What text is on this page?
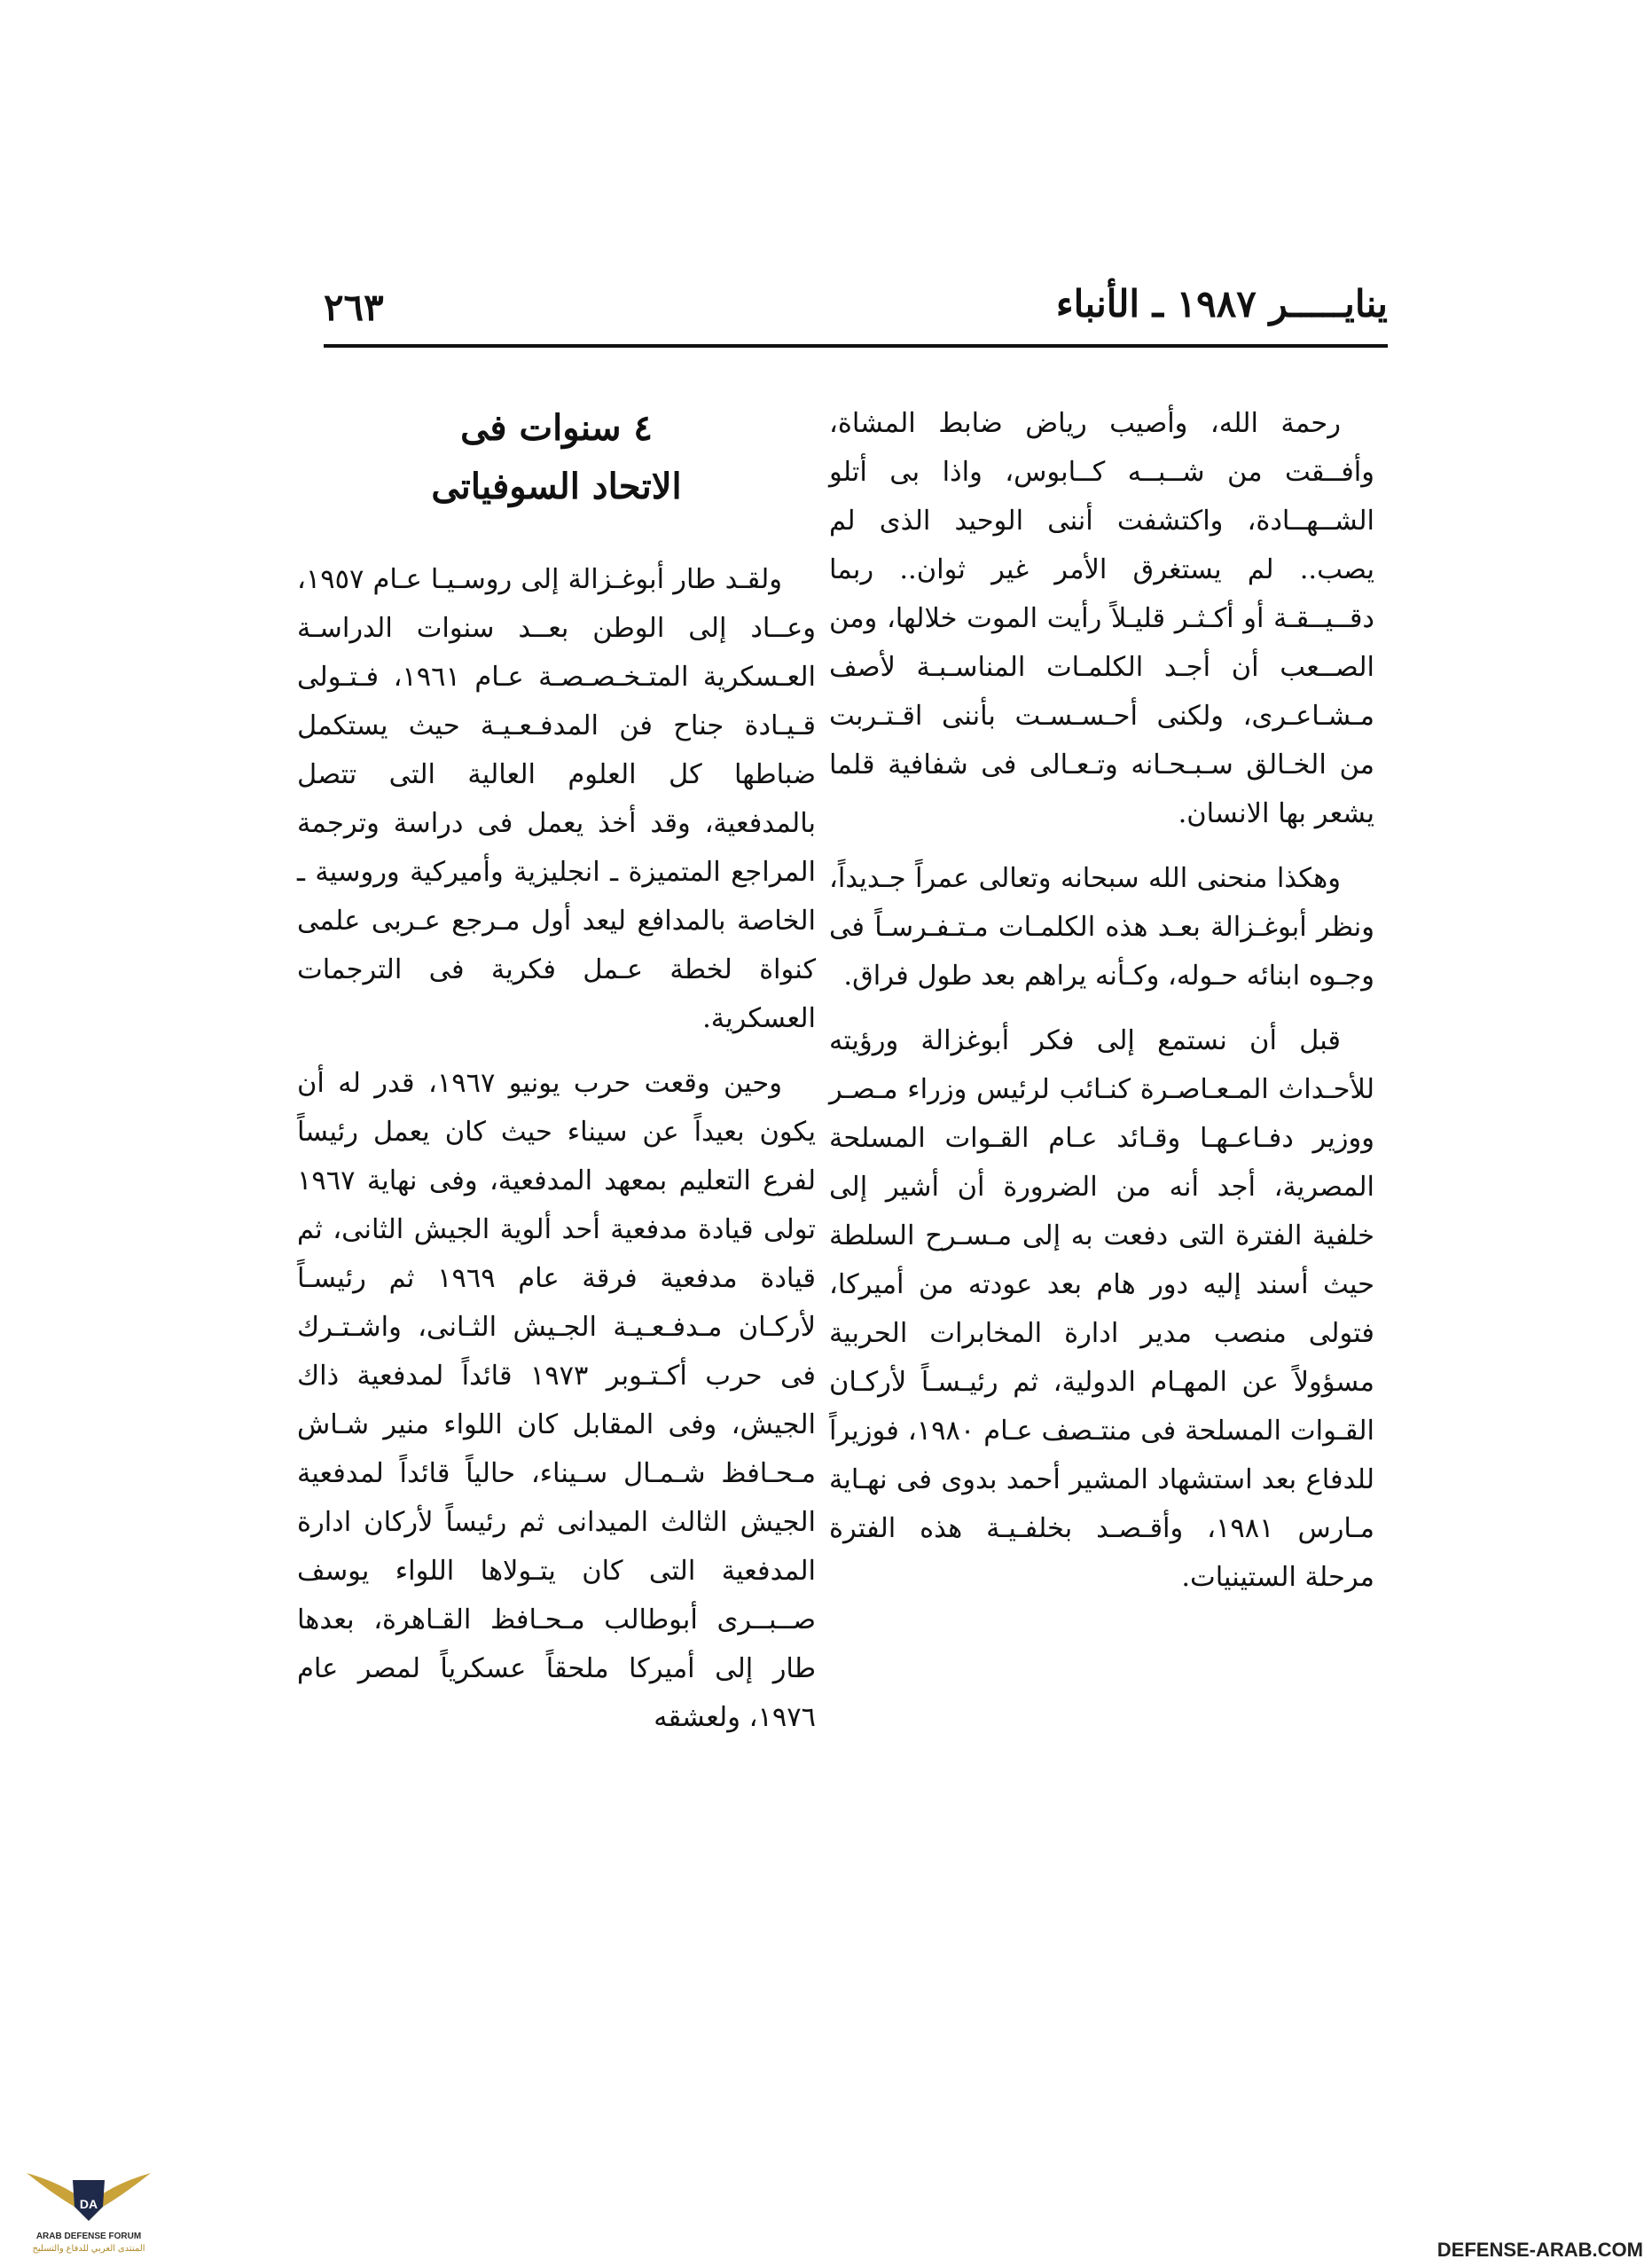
ينايـــــر ١٩٨٧ ـ الأنباء
٢٦٣

رحمة الله، وأصيب رياض ضابط المشاة، وأفــقت من شــبــه كــابوس، واذا بى أتلو الشــهــادة، واكتشفت أننى الوحيد الذى لم يصب.. لم يستغرق الأمر غير ثوان.. ربما دقــيــقـة أو أكـثـر قليـلاً رأيت الموت خلالها، ومن الصــعب أن أجـد الكلمـات المناسـبـة لأصف مـشـاعـرى، ولكنى أحـسـسـت بأننى اقـتـربت من الخـالق سـبـحـانه وتـعـالى فى شفافية قلما يشعر بها الانسان.

وهكذا منحنى الله سبحانه وتعالى عمراً جـديداً، ونظر أبوغـزالة بعـد هذه الكلمـات مـتـفـرسـاً فى وجـوه ابنائه حـوله، وكـأنه يراهم بعد طول فراق.

قبل أن نستمع إلى فكر أبوغزالة ورؤيته للأحـداث المـعـاصـرة كنـائب لرئيس وزراء مـصـر ووزير دفـاعـهـا وقـائد عـام القـوات المسلحة المصرية، أجد أنه من الضرورة أن أشير إلى خلفية الفترة التى دفعت به إلى مـسـرح السلطة حيث أسند إليه دور هام بعد عودته من أميركا، فتولى منصب مدير ادارة المخابرات الحربية مسؤولاً عن المهـام الدولية، ثم رئيـسـاً لأركـان القـوات المسلحة فى منتـصف عـام ١٩٨٠، فوزيراً للدفاع بعد استشهاد المشير أحمد بدوى فى نهـاية مـارس ١٩٨١، وأقـصـد بخلفـيـة هذه الفترة مرحلة الستينيات.

٤ سنوات فى
الاتحاد السوفياتى

ولقـد طار أبوغـزالة إلى روسـيـا عـام ١٩٥٧، وعــاد إلى الوطن بعــد سنوات الدراسـة العـسكرية المتـخـصـصـة عـام ١٩٦١، فـتـولى قـيـادة جناح فن المدفـعـيـة حيث يستكمل ضباطها كل العلوم العالية التى تتصل بالمدفعية، وقد أخذ يعمل فى دراسة وترجمة المراجع المتميزة ـ انجليزية وأميركية وروسية ـ الخاصة بالمدافع ليعد أول مـرجع عـربى علمى كنواة لخطة عـمل فكرية فى الترجمات العسكرية.

وحين وقعت حرب يونيو ١٩٦٧، قدر له أن يكون بعيداً عن سيناء حيث كان يعمل رئيساً لفرع التعليم بمعهد المدفعية، وفى نهاية ١٩٦٧ تولى قيادة مدفعية أحد ألوية الجيش الثانى، ثم قيادة مدفعية فرقة عام ١٩٦٩ ثم رئيسـاً لأركـان مـدفـعـيـة الجـيش الثـانى، واشـتـرك فى حرب أكـتـوبر ١٩٧٣ قائداً لمدفعية ذاك الجيش، وفى المقابل كان اللواء منير شـاش مـحـافظ شـمـال سـيناء، حالياً قائداً لمدفعية الجيش الثالث الميدانى ثم رئيساً لأركان ادارة المدفعية التى كان يتـولاها اللواء يوسف صــبــرى أبوطالب مـحـافظ القـاهرة، بعدها طار إلى أميركا ملحقاً عسكرياً لمصر عام ١٩٧٦، ولعشقه

DA
ARAB DEFENSE FORUM
المنتدى العربي للدفاع والتسليح	DEFENSE-ARAB.COM
